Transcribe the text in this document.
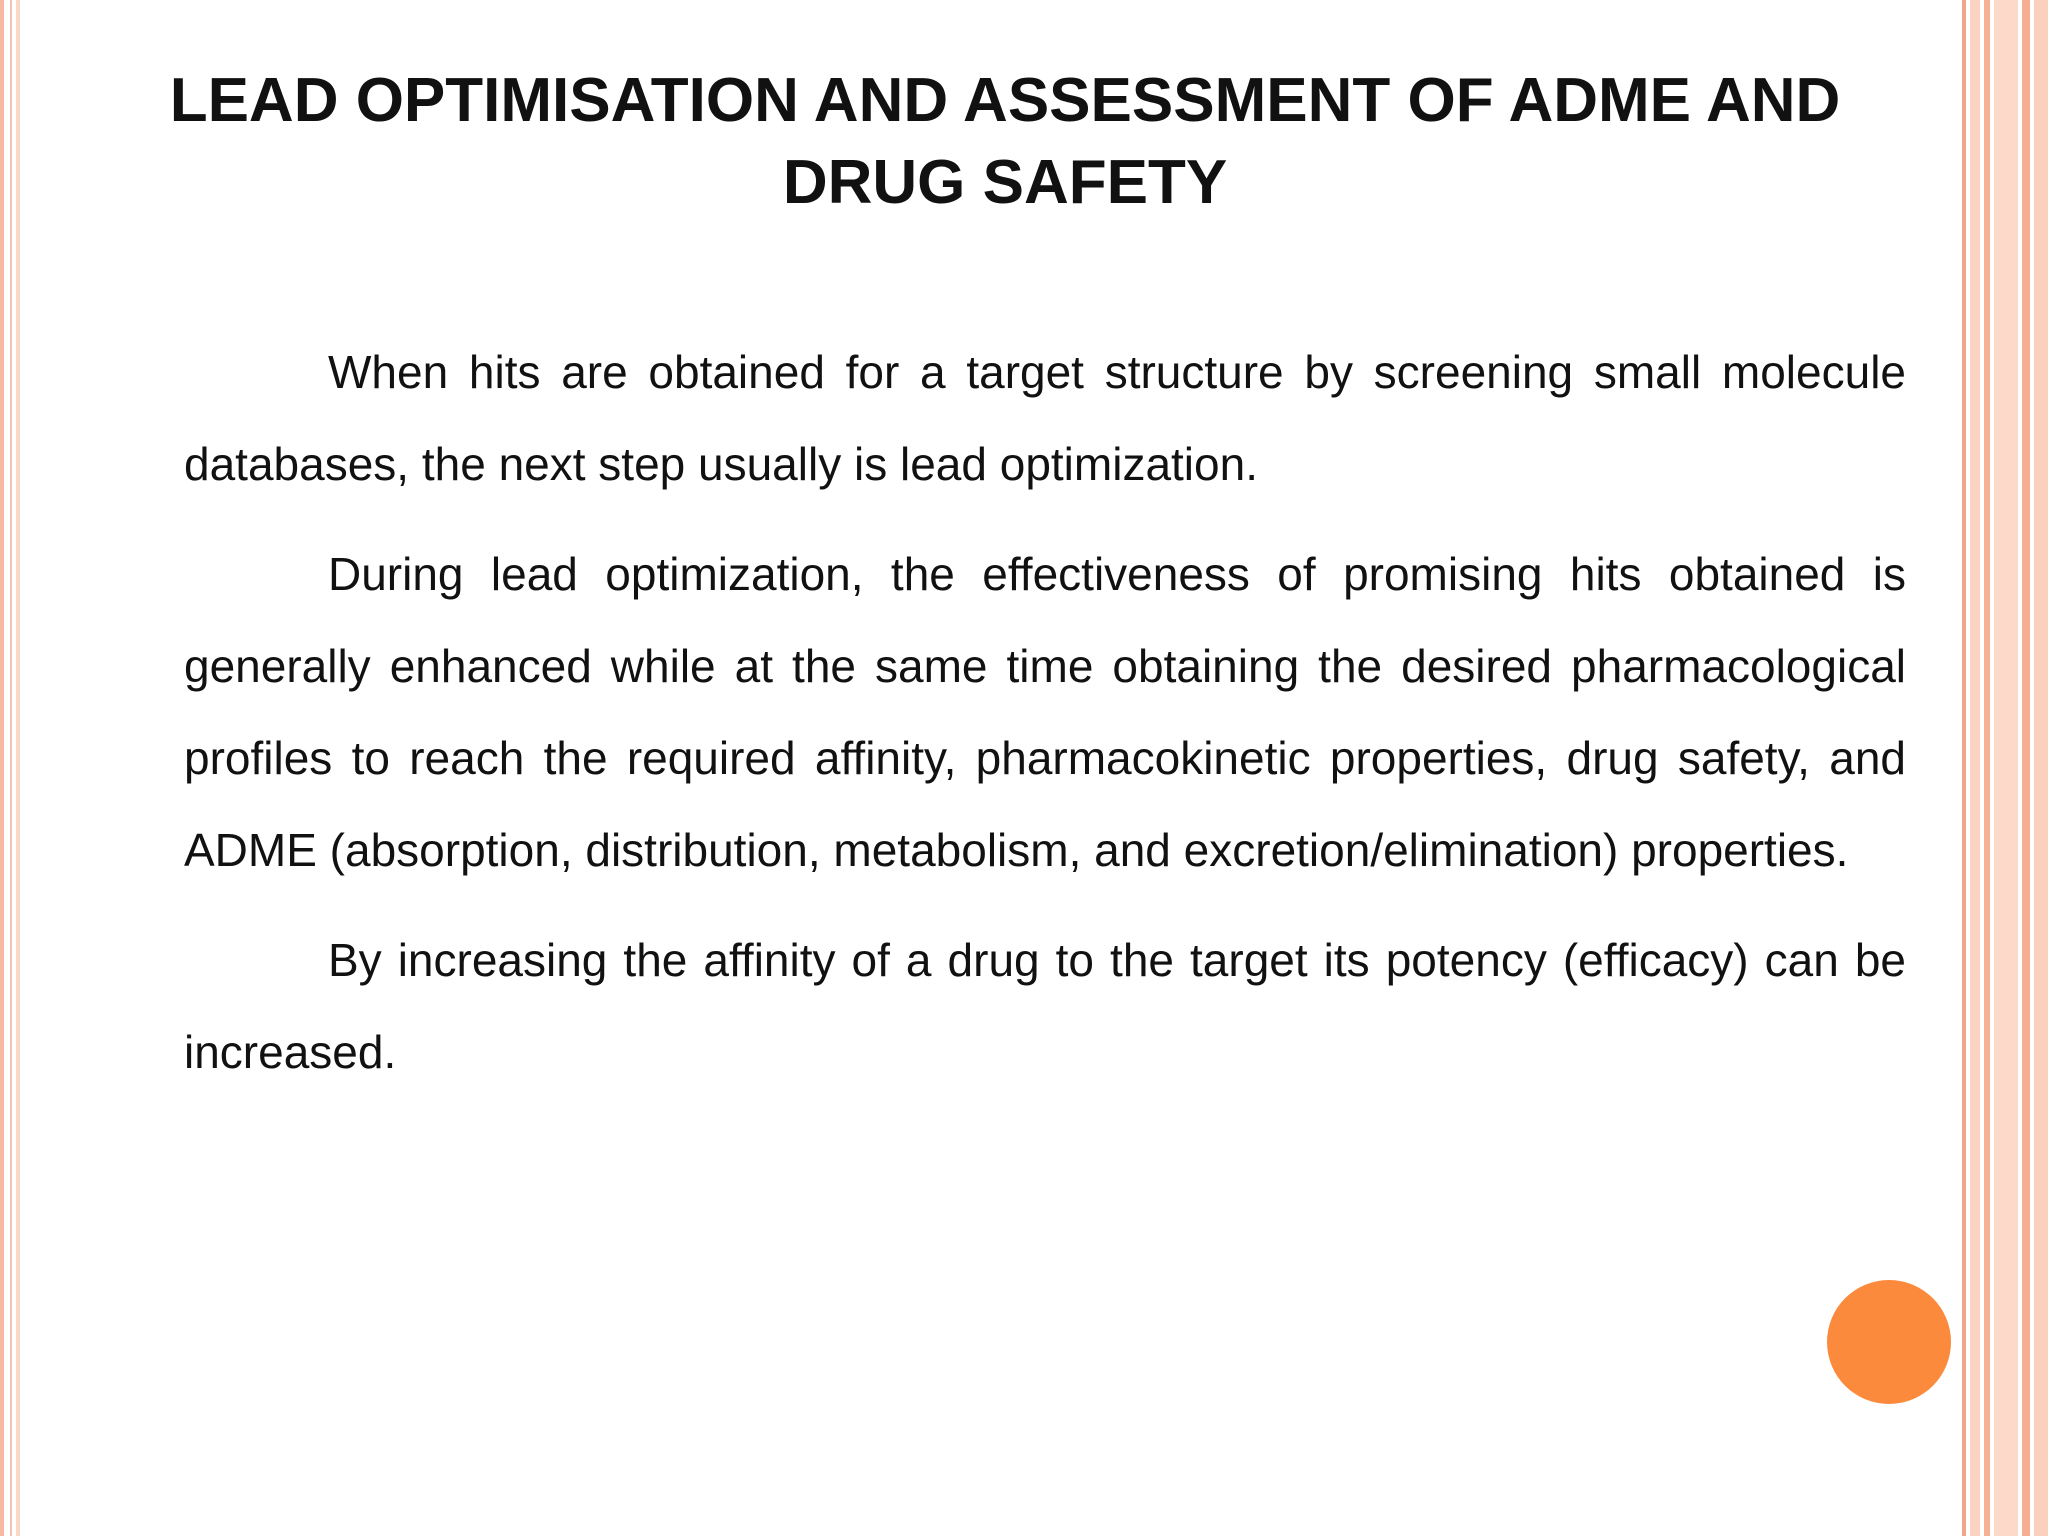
LEAD OPTIMISATION AND ASSESSMENT OF ADME AND DRUG SAFETY

When hits are obtained for a target structure by screening small molecule databases, the next step usually is lead optimization.

During lead optimization, the effectiveness of promising hits obtained is generally enhanced while at the same time obtaining the desired pharmacological profiles to reach the required affinity, pharmacokinetic properties, drug safety, and ADME (absorption, distribution, metabolism, and excretion/elimination) properties.

By increasing the affinity of a drug to the target its potency (efficacy) can be increased.
